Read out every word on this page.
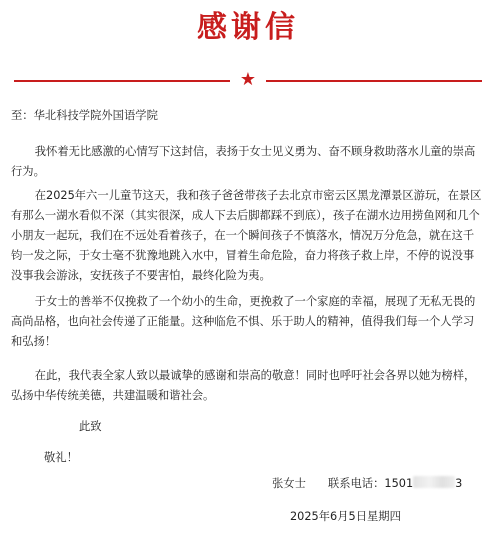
感谢信
★
至：华北科技学院外国语学院

我怀着无比感激的心情写下这封信，表扬于女士见义勇为、奋不顾身救助落水儿童的崇高行为。

在2025年六一儿童节这天，我和孩子爸爸带孩子去北京市密云区黑龙潭景区游玩，在景区有那么一湖水看似不深（其实很深，成人下去后脚都踩不到底），孩子在湖水边用捞鱼网和几个小朋友一起玩，我们在不远处看着孩子，在一个瞬间孩子不慎落水，情况万分危急，就在这千钧一发之际，于女士毫不犹豫地跳入水中，冒着生命危险，奋力将孩子救上岸，不停的说没事没事我会游泳，安抚孩子不要害怕，最终化险为夷。

于女士的善举不仅挽救了一个幼小的生命，更挽救了一个家庭的幸福，展现了无私无畏的高尚品格，也向社会传递了正能量。这种临危不惧、乐于助人的精神，值得我们每一个人学习和弘扬！

在此，我代表全家人致以最诚挚的感谢和崇高的敬意！同时也呼吁社会各界以她为榜样，弘扬中华传统美德，共建温暖和谐社会。

此致
敬礼！
张女士 联系电话：1501	3
2025年6月5日星期四
